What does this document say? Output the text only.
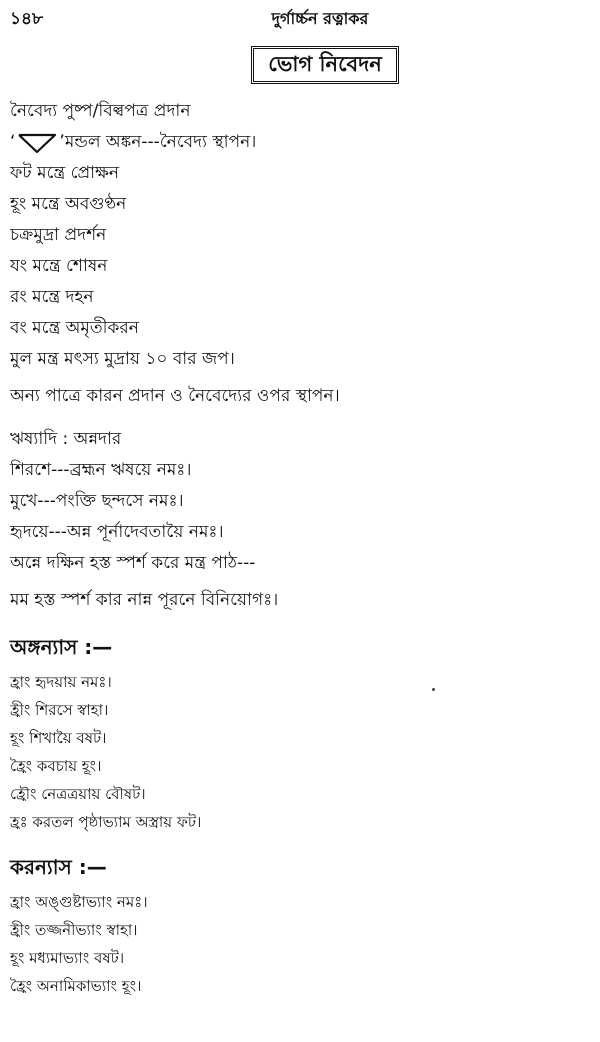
১৪৮	দুর্গার্চ্চন রত্নাকর
ভোগ নিবেদন
নৈবেদ্য পুষ্প/বিল্বপত্র প্রদান
‘	’ মন্ডল অঙ্কন---নৈবেদ্য স্থাপন।
ফট মন্ত্রে প্রোক্ষন
হূং মন্ত্রে অবগুণ্ঠন
চক্রমুদ্রা প্রদর্শন
যং মন্ত্রে শোষন
রং মন্ত্রে দহন
বং মন্ত্রে অমৃতীকরন
মুল মন্ত্র মৎস্য মুদ্রায় ১০ বার জপ।
অন্য পাত্রে কারন প্রদান ও নৈবেদ্যের ওপর স্থাপন।
ঋষ্যাদি : অন্নদার
শিরশে---ব্রহ্মন ঋষয়ে নমঃ।
মুখে---পংক্তি ছন্দসে নমঃ।
হৃদয়ে---অন্ন পূর্নাদেবতায়ৈ নমঃ।
অন্নে দক্ষিন হস্ত স্পর্শ করে মন্ত্র পাঠ---
মম হস্ত স্পর্শ কার নান্ন পূরনে বিনিয়োগঃ।
অঙ্গন্যাস :—
হ্রাং হৃদয়ায় নমঃ।
হ্রীং শিরসে স্বাহা।
হূং শিখায়ৈ বষট।
হ্রৈং কবচায় হূং।
হ্রৌং নেত্রত্রয়ায় বৌষট।
হ্রঃ করতল পৃষ্ঠাভ্যাম অস্ত্রায় ফট।
করন্যাস :—
হ্রাং অঙ্গুষ্টাভ্যাং নমঃ।
হ্রীং তজ্জনীভ্যাং স্বাহা।
হূং মধ্যমাভ্যাং বষট।
হ্রৈং অনামিকাভ্যাং হূং।
